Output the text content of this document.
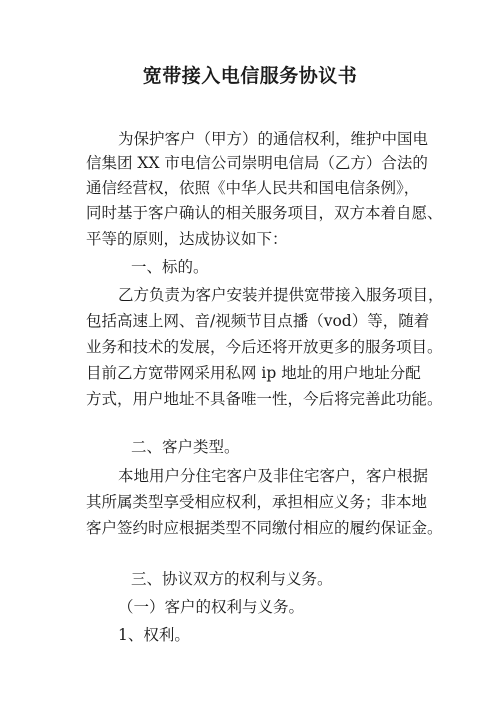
宽带接入电信服务协议书
为保护客户（甲方）的通信权利，维护中国电
信集团 XX 市电信公司崇明电信局（乙方）合法的
通信经营权，依照《中华人民共和国电信条例》，
同时基于客户确认的相关服务项目，双方本着自愿、
平等的原则，达成协议如下：
一、标的。
乙方负责为客户安装并提供宽带接入服务项目，
包括高速上网、音/视频节目点播（vod）等，随着
业务和技术的发展，今后还将开放更多的服务项目。
目前乙方宽带网采用私网 ip 地址的用户地址分配
方式，用户地址不具备唯一性，今后将完善此功能。
二、客户类型。
本地用户分住宅客户及非住宅客户，客户根据
其所属类型享受相应权利，承担相应义务；非本地
客户签约时应根据类型不同缴付相应的履约保证金。
三、协议双方的权利与义务。
（一）客户的权利与义务。
1、权利。
